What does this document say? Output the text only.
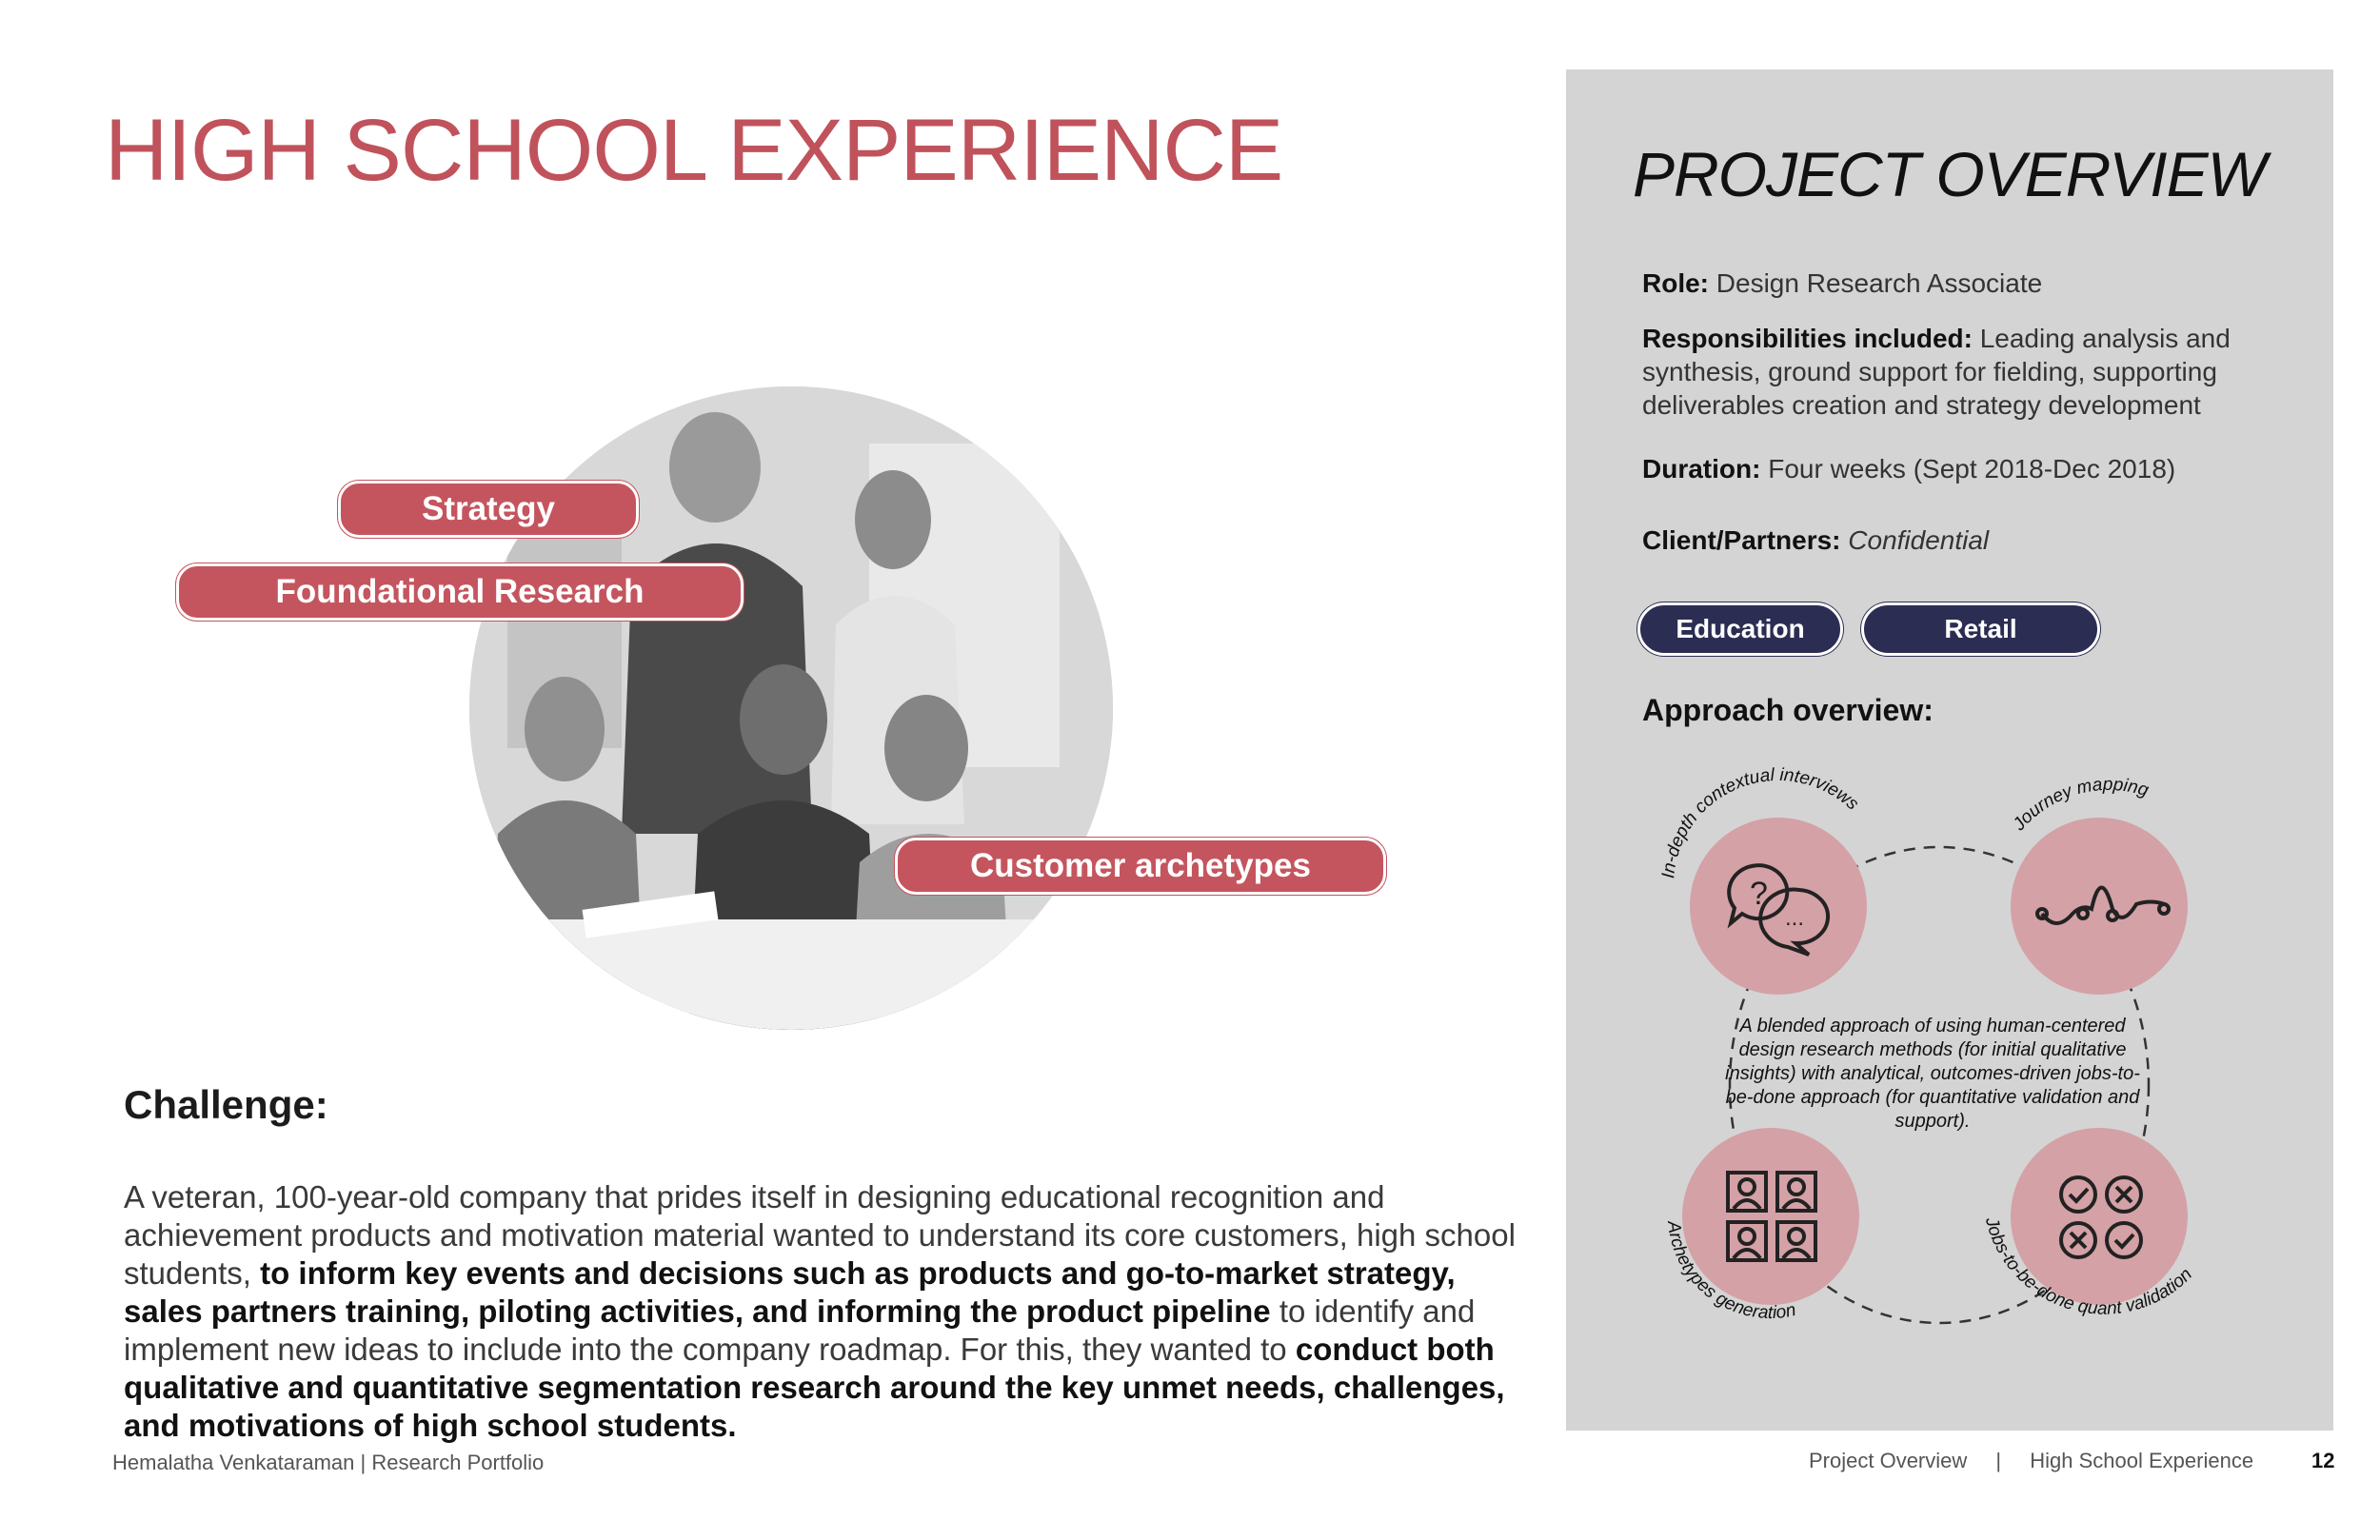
HIGH SCHOOL EXPERIENCE
Strategy
Foundational Research
Customer archetypes
Challenge:
A veteran, 100-year-old company that prides itself in designing educational recognition and achievement products and motivation material wanted to understand its core customers, high school students, to inform key events and decisions such as products and go-to-market strategy, sales partners training, piloting activities, and informing the product pipeline to identify and implement new ideas to include into the company roadmap. For this, they wanted to conduct both qualitative and quantitative segmentation research around the key unmet needs, challenges, and motivations of high school students.
Hemalatha Venkataraman | Research Portfolio	Project Overview | High School Experience	12
PROJECT OVERVIEW
Role: Design Research Associate
Responsibilities included: Leading analysis and
synthesis, ground support for fielding, supporting
deliverables creation and strategy development
Duration: Four weeks (Sept 2018-Dec 2018)
Client/Partners: Confidential
Education	Retail
Approach overview:
?
...
In-depth contextual interviews
Journey mapping
Archetypes generation
Jobs-to-be-done quant validation
A blended approach of using human-centered design research methods (for initial qualitative insights) with analytical, outcomes-driven jobs-to-be-done approach (for quantitative validation and support).
